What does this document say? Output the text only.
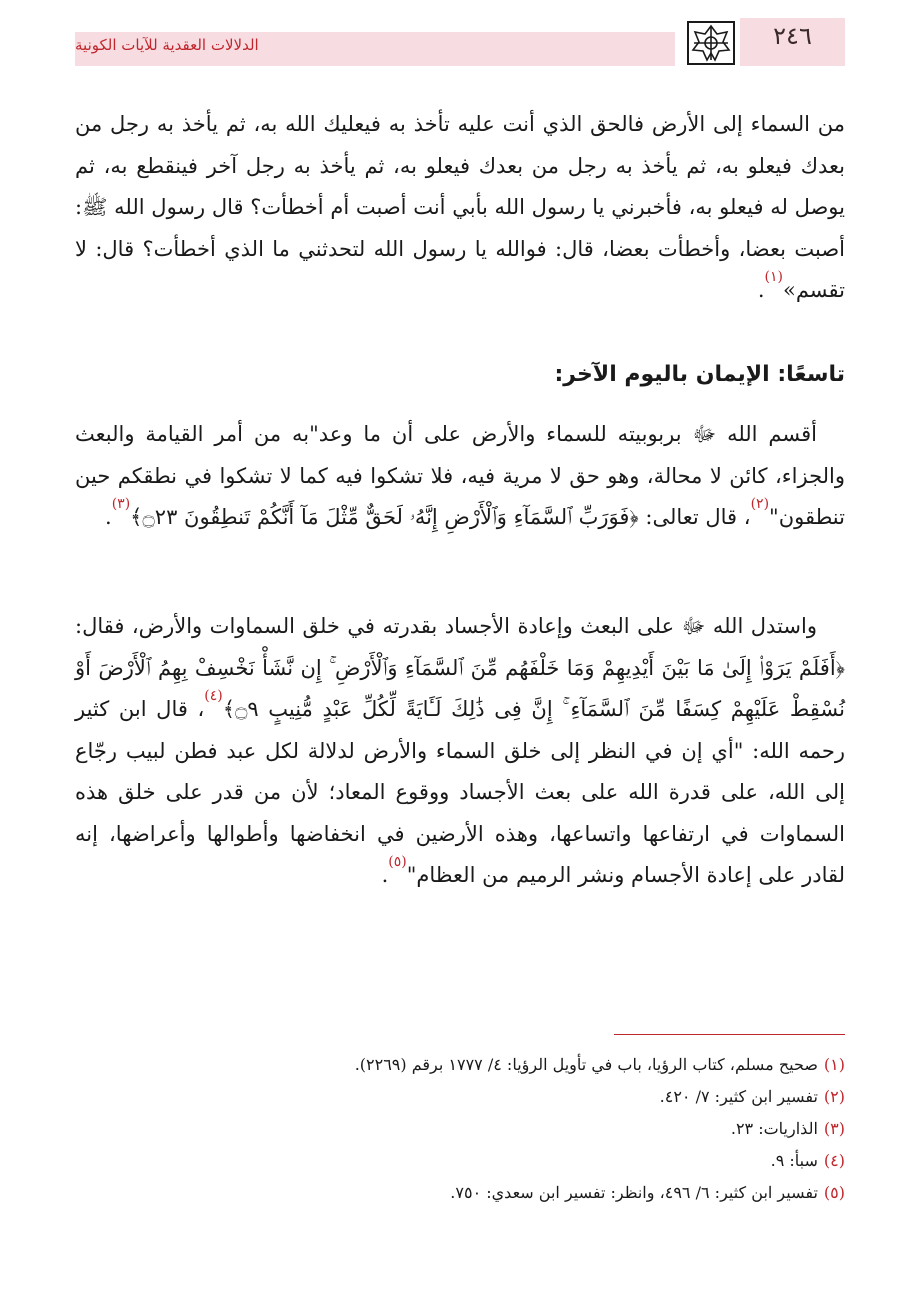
الدلالات العقدية للآيات الكونية	٢٤٦
من السماء إلى الأرض فالحق الذي أنت عليه تأخذ به فيعليك الله به، ثم يأخذ به رجل من بعدك فيعلو به، ثم يأخذ به رجل من بعدك فيعلو به، ثم يأخذ به رجل آخر فينقطع به، ثم يوصل له فيعلو به، فأخبرني يا رسول الله بأبي أنت أصبت أم أخطأت؟ قال رسول الله ﷺ: أصبت بعضا، وأخطأت بعضا، قال: فوالله يا رسول الله لتحدثني ما الذي أخطأت؟ قال: لا تقسم»$^{(١)}$.
تاسعًا: الإيمان باليوم الآخر:
أقسم الله ﷻ بربوبيته للسماء والأرض على أن ما وعد"به من أمر القيامة والبعث والجزاء، كائن لا محالة، وهو حق لا مرية فيه، فلا تشكوا فيه كما لا تشكوا في نطقكم حين تنطقون"$^{(٢)}$، قال تعالى: ﴿فَوَرَبِّ ٱلسَّمَآءِ وَٱلْأَرْضِ إِنَّهُۥ لَحَقٌّ مِّثْلَ مَآ أَنَّكُمْ تَنطِقُونَ ۝٢٣﴾$^{(٣)}$.
واستدل الله ﷻ على البعث وإعادة الأجساد بقدرته في خلق السماوات والأرض، فقال: ﴿أَفَلَمْ يَرَوْا۟ إِلَىٰ مَا بَيْنَ أَيْدِيهِمْ وَمَا خَلْفَهُم مِّنَ ٱلسَّمَآءِ وَٱلْأَرْضِ ۚ إِن نَّشَأْ نَخْسِفْ بِهِمُ ٱلْأَرْضَ أَوْ نُسْقِطْ عَلَيْهِمْ كِسَفًا مِّنَ ٱلسَّمَآءِ ۚ إِنَّ فِى ذَٰلِكَ لَـَٔايَةً لِّكُلِّ عَبْدٍ مُّنِيبٍ ۝٩﴾$^{(٤)}$، قال ابن كثير رحمه الله: "أي إن في النظر إلى خلق السماء والأرض لدلالة لكل عبد فطن لبيب رجّاع إلى الله، على قدرة الله على بعث الأجساد ووقوع المعاد؛ لأن من قدر على خلق هذه السماوات في ارتفاعها واتساعها، وهذه الأرضين في انخفاضها وأطوالها وأعراضها، إنه لقادر على إعادة الأجسام ونشر الرميم من العظام"$^{(٥)}$.
(١)صحيح مسلم، كتاب الرؤيا، باب في تأويل الرؤيا: ٤/ ١٧٧٧ برقم (٢٢٦٩).
(٢)تفسير ابن كثير: ٧/ ٤٢٠.
(٣)الذاريات: ٢٣.
(٤)سبأ: ٩.
(٥)تفسير ابن كثير: ٦/ ٤٩٦، وانظر: تفسير ابن سعدي: ٧٥٠.
